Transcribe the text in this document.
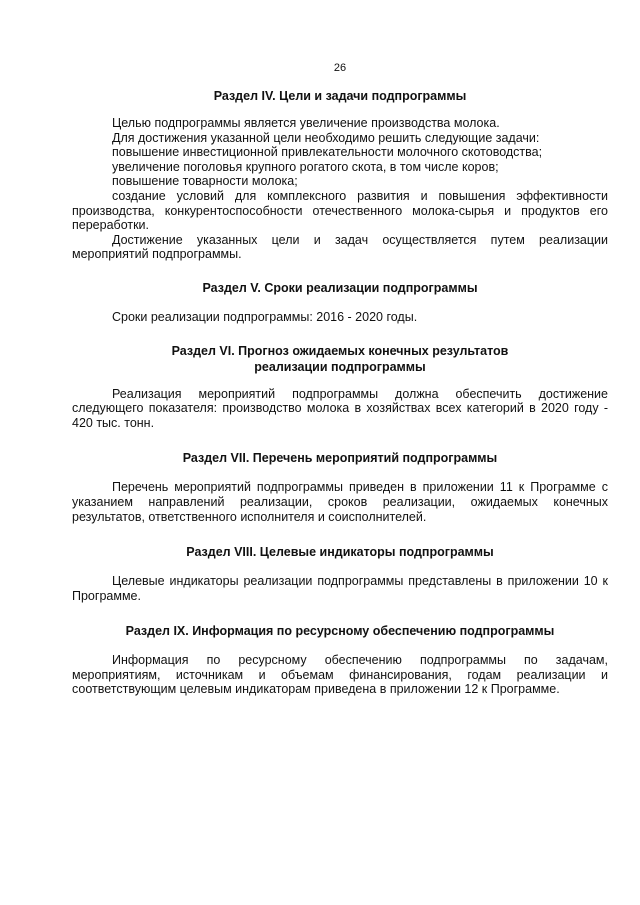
26
Раздел IV. Цели и задачи подпрограммы

Целью подпрограммы является увеличение производства молока.

Для достижения указанной цели необходимо решить следующие задачи:

повышение инвестиционной привлекательности молочного скотоводства;

увеличение поголовья крупного рогатого скота, в том числе коров;

повышение товарности молока;

создание условий для комплексного развития и повышения эффективности производства, конкурентоспособности отечественного молока-сырья и продуктов его переработки.

Достижение указанных цели и задач осуществляется путем реализации мероприятий подпрограммы.

Раздел V. Сроки реализации подпрограммы

Сроки реализации подпрограммы: 2016 - 2020 годы.

Раздел VI. Прогноз ожидаемых конечных результатов
реализации подпрограммы

Реализация мероприятий подпрограммы должна обеспечить достижение следующего показателя: производство молока в хозяйствах всех категорий в 2020 году - 420 тыс. тонн.

Раздел VII. Перечень мероприятий подпрограммы

Перечень мероприятий подпрограммы приведен в приложении 11 к Программе с указанием направлений реализации, сроков реализации, ожидаемых конечных результатов, ответственного исполнителя и соисполнителей.

Раздел VIII. Целевые индикаторы подпрограммы

Целевые индикаторы реализации подпрограммы представлены в приложении 10 к Программе.

Раздел IX. Информация по ресурсному обеспечению подпрограммы

Информация по ресурсному обеспечению подпрограммы по задачам, мероприятиям, источникам и объемам финансирования, годам реализации и соответствующим целевым индикаторам приведена в приложении 12 к Программе.
